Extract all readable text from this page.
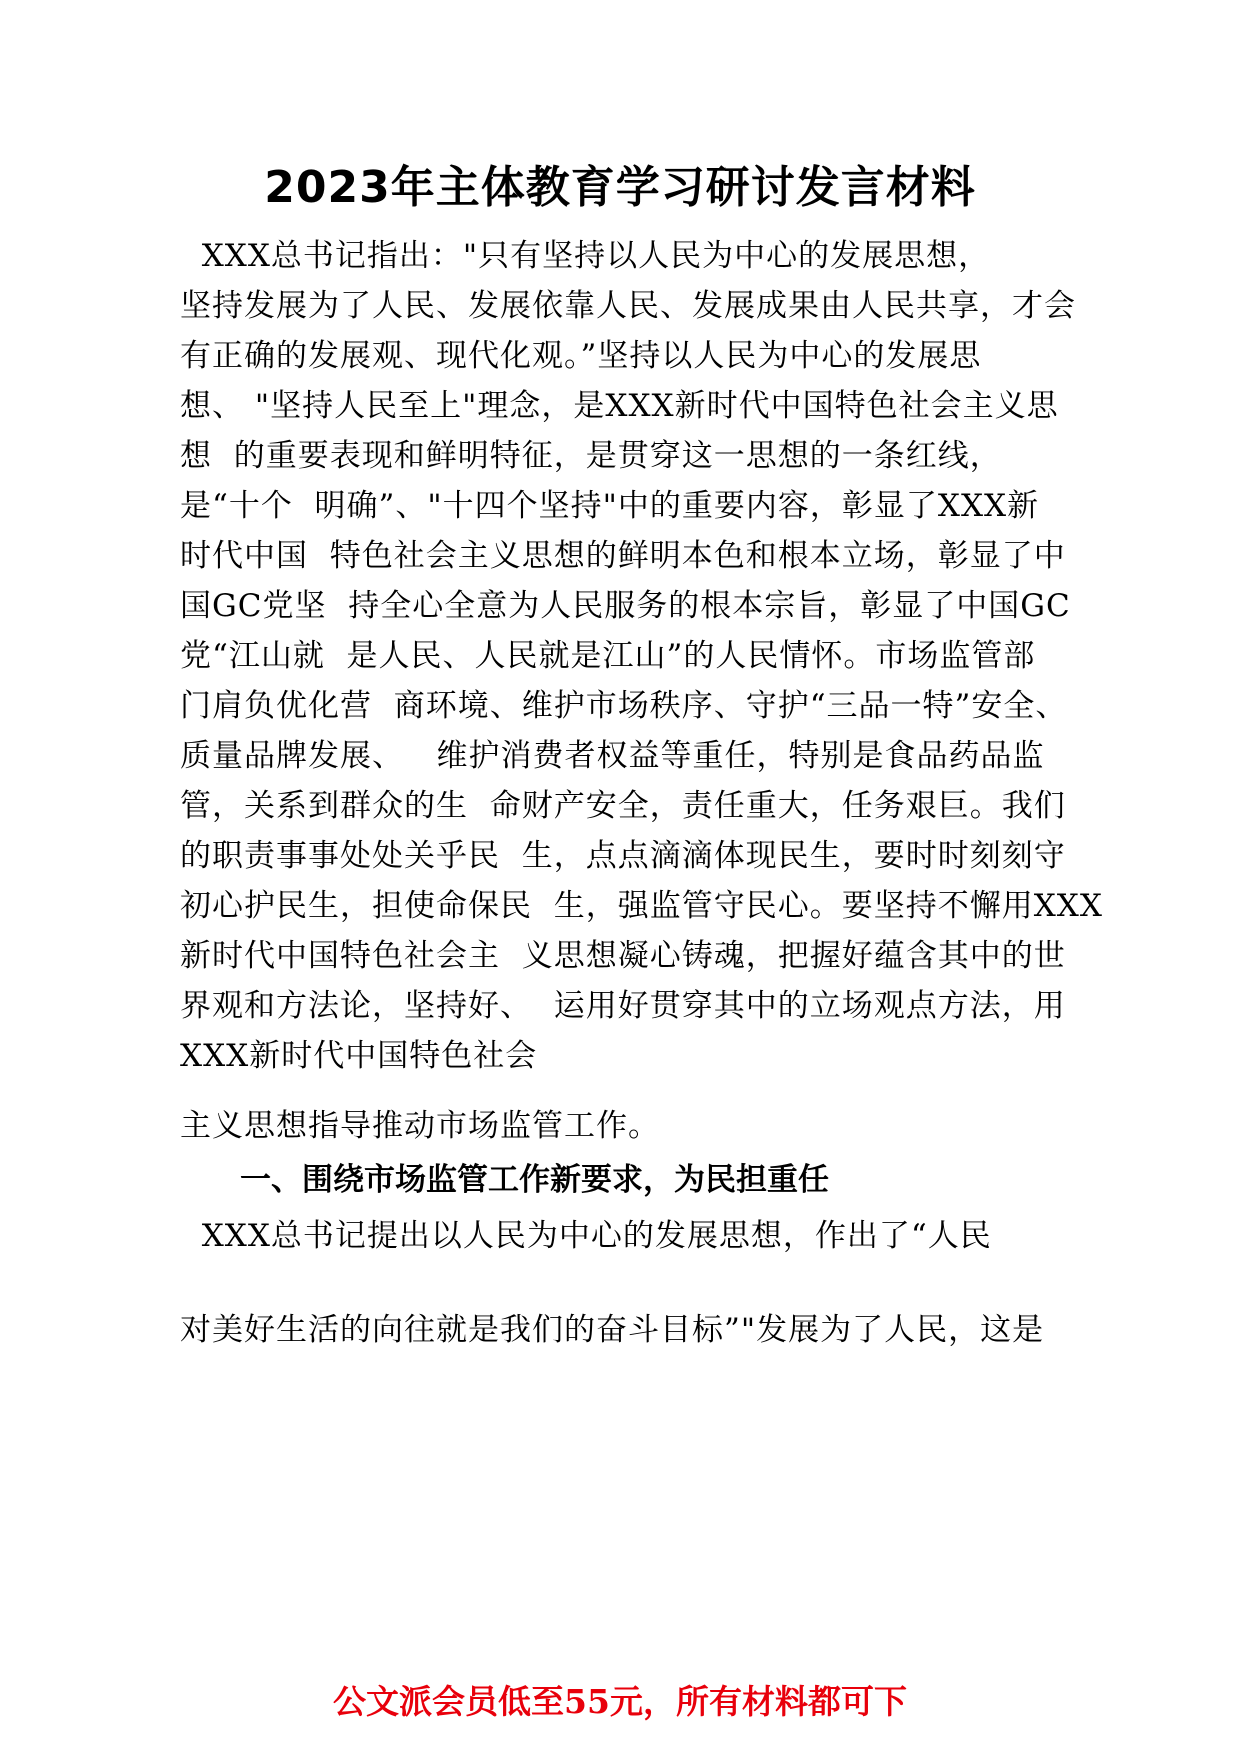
2023年主体教育学习研讨发言材料
XXX总书记指出："只有坚持以人民为中心的发展思想，
坚持发展为了人民、发展依靠人民、发展成果由人民共享，才会
有正确的发展观、现代化观。”坚持以人民为中心的发展思
想、 "坚持人民至上"理念，是XXX新时代中国特色社会主义思
想  的重要表现和鲜明特征，是贯穿这一思想的一条红线，
是“十个  明确”、"十四个坚持"中的重要内容，彰显了XXX新
时代中国  特色社会主义思想的鲜明本色和根本立场，彰显了中
国GC党坚  持全心全意为人民服务的根本宗旨，彰显了中国GC
党“江山就  是人民、人民就是江山”的人民情怀。市场监管部
门肩负优化营  商环境、维护市场秩序、守护“三品一特”安全、
质量品牌发展、   维护消费者权益等重任，特别是食品药品监
管，关系到群众的生  命财产安全，责任重大，任务艰巨。我们
的职责事事处处关乎民  生，点点滴滴体现民生，要时时刻刻守
初心护民生，担使命保民  生，强监管守民心。要坚持不懈用XXX
新时代中国特色社会主  义思想凝心铸魂，把握好蕴含其中的世
界观和方法论，坚持好、  运用好贯穿其中的立场观点方法，用
XXX新时代中国特色社会
主义思想指导推动市场监管工作。
一、围绕市场监管工作新要求，为民担重任
XXX总书记提出以人民为中心的发展思想，作出了“人民
对美好生活的向往就是我们的奋斗目标”"发展为了人民，这是
公文派会员低至55元，所有材料都可下
